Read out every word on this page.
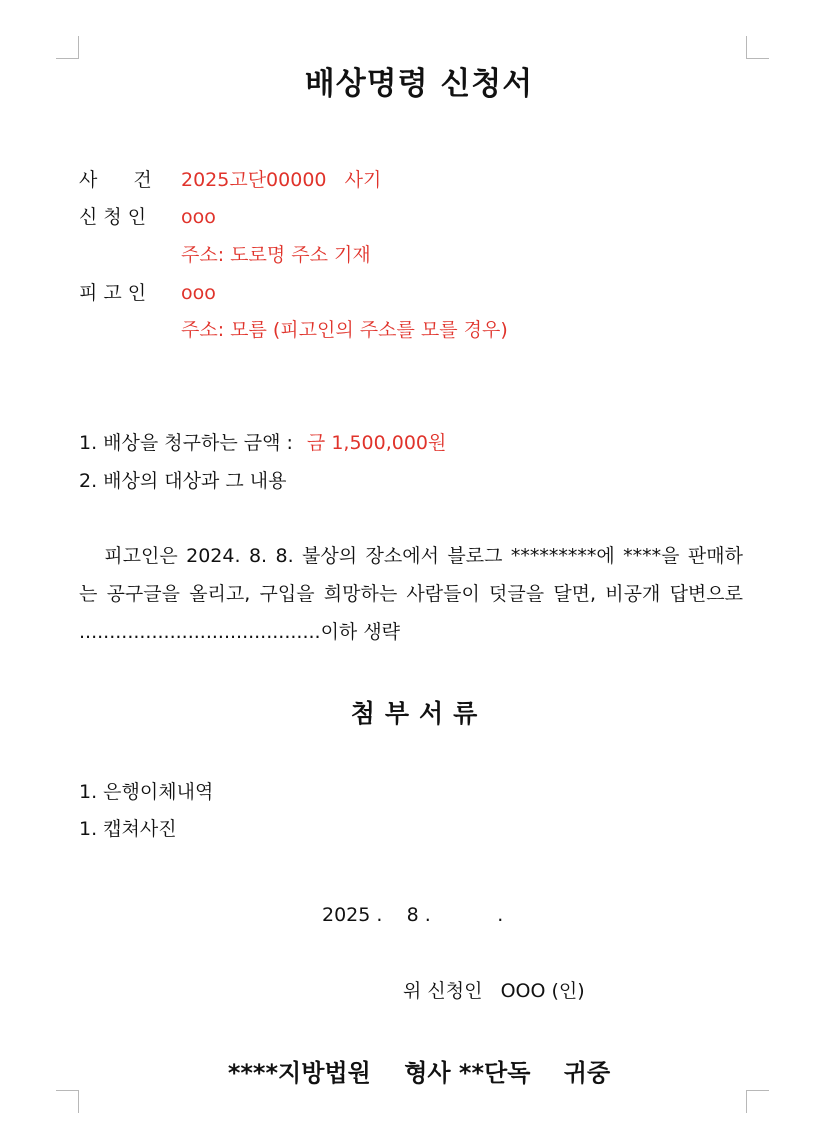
배상명령 신청서
사 건 2025고단00000   사기
신 청 인 ooo
주소: 도로명 주소 기재
피 고 인 ooo
주소: 모름 (피고인의 주소를 모를 경우)
1. 배상을 청구하는 금액 : 금 1,500,000원
2. 배상의 대상과 그 내용
피고인은 2024. 8. 8. 불상의 장소에서 블로그 *********에 ****을 판매하
는 공구글을 올리고, 구입을 희망하는 사람들이 덧글을 달면, 비공개 답변으로
........................................이하 생략
첨부서류
1. 은행이체내역
1. 캡쳐사진
2025 .    8 .           .
위 신청인   OOO (인)
****지방법원    형사 **단독    귀중
